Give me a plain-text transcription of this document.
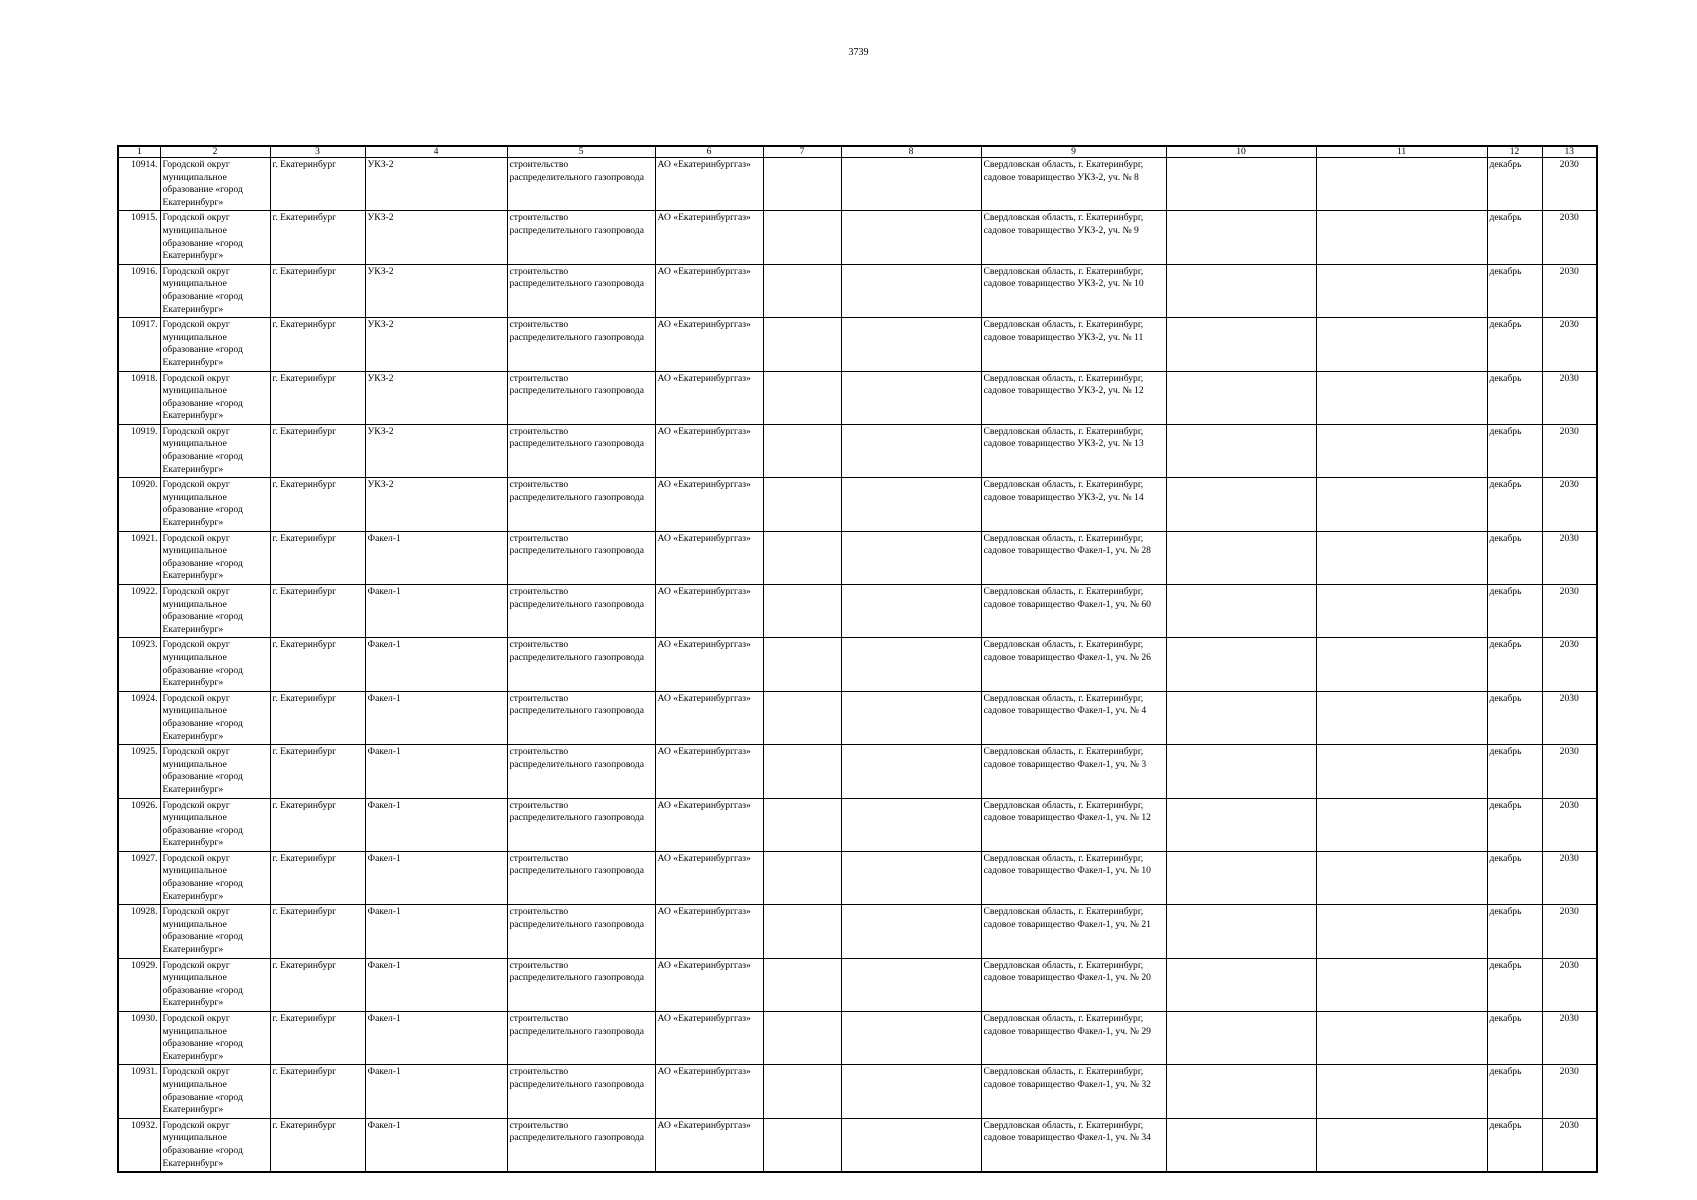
3739
1	2	3	4	5	6	7	8	9	10	11	12	13
10914.	Городской округ муниципальное образование «город Екатеринбург»	г. Екатеринбург	УКЗ-2	строительство распределительного газопровода	АО «Екатеринбурггаз»			Свердловская область, г. Екатеринбург, садовое товарищество УКЗ-2, уч. № 8			декабрь	2030
10915.	Городской округ муниципальное образование «город Екатеринбург»	г. Екатеринбург	УКЗ-2	строительство распределительного газопровода	АО «Екатеринбурггаз»			Свердловская область, г. Екатеринбург, садовое товарищество УКЗ-2, уч. № 9			декабрь	2030
10916.	Городской округ муниципальное образование «город Екатеринбург»	г. Екатеринбург	УКЗ-2	строительство распределительного газопровода	АО «Екатеринбурггаз»			Свердловская область, г. Екатеринбург, садовое товарищество УКЗ-2, уч. № 10			декабрь	2030
10917.	Городской округ муниципальное образование «город Екатеринбург»	г. Екатеринбург	УКЗ-2	строительство распределительного газопровода	АО «Екатеринбурггаз»			Свердловская область, г. Екатеринбург, садовое товарищество УКЗ-2, уч. № 11			декабрь	2030
10918.	Городской округ муниципальное образование «город Екатеринбург»	г. Екатеринбург	УКЗ-2	строительство распределительного газопровода	АО «Екатеринбурггаз»			Свердловская область, г. Екатеринбург, садовое товарищество УКЗ-2, уч. № 12			декабрь	2030
10919.	Городской округ муниципальное образование «город Екатеринбург»	г. Екатеринбург	УКЗ-2	строительство распределительного газопровода	АО «Екатеринбурггаз»			Свердловская область, г. Екатеринбург, садовое товарищество УКЗ-2, уч. № 13			декабрь	2030
10920.	Городской округ муниципальное образование «город Екатеринбург»	г. Екатеринбург	УКЗ-2	строительство распределительного газопровода	АО «Екатеринбурггаз»			Свердловская область, г. Екатеринбург, садовое товарищество УКЗ-2, уч. № 14			декабрь	2030
10921.	Городской округ муниципальное образование «город Екатеринбург»	г. Екатеринбург	Факел-1	строительство распределительного газопровода	АО «Екатеринбурггаз»			Свердловская область, г. Екатеринбург, садовое товарищество Факел-1, уч. № 28			декабрь	2030
10922.	Городской округ муниципальное образование «город Екатеринбург»	г. Екатеринбург	Факел-1	строительство распределительного газопровода	АО «Екатеринбурггаз»			Свердловская область, г. Екатеринбург, садовое товарищество Факел-1, уч. № 60			декабрь	2030
10923.	Городской округ муниципальное образование «город Екатеринбург»	г. Екатеринбург	Факел-1	строительство распределительного газопровода	АО «Екатеринбурггаз»			Свердловская область, г. Екатеринбург, садовое товарищество Факел-1, уч. № 26			декабрь	2030
10924.	Городской округ муниципальное образование «город Екатеринбург»	г. Екатеринбург	Факел-1	строительство распределительного газопровода	АО «Екатеринбурггаз»			Свердловская область, г. Екатеринбург, садовое товарищество Факел-1, уч. № 4			декабрь	2030
10925.	Городской округ муниципальное образование «город Екатеринбург»	г. Екатеринбург	Факел-1	строительство распределительного газопровода	АО «Екатеринбурггаз»			Свердловская область, г. Екатеринбург, садовое товарищество Факел-1, уч. № 3			декабрь	2030
10926.	Городской округ муниципальное образование «город Екатеринбург»	г. Екатеринбург	Факел-1	строительство распределительного газопровода	АО «Екатеринбурггаз»			Свердловская область, г. Екатеринбург, садовое товарищество Факел-1, уч. № 12			декабрь	2030
10927.	Городской округ муниципальное образование «город Екатеринбург»	г. Екатеринбург	Факел-1	строительство распределительного газопровода	АО «Екатеринбурггаз»			Свердловская область, г. Екатеринбург, садовое товарищество Факел-1, уч. № 10			декабрь	2030
10928.	Городской округ муниципальное образование «город Екатеринбург»	г. Екатеринбург	Факел-1	строительство распределительного газопровода	АО «Екатеринбурггаз»			Свердловская область, г. Екатеринбург, садовое товарищество Факел-1, уч. № 21			декабрь	2030
10929.	Городской округ муниципальное образование «город Екатеринбург»	г. Екатеринбург	Факел-1	строительство распределительного газопровода	АО «Екатеринбурггаз»			Свердловская область, г. Екатеринбург, садовое товарищество Факел-1, уч. № 20			декабрь	2030
10930.	Городской округ муниципальное образование «город Екатеринбург»	г. Екатеринбург	Факел-1	строительство распределительного газопровода	АО «Екатеринбурггаз»			Свердловская область, г. Екатеринбург, садовое товарищество Факел-1, уч. № 29			декабрь	2030
10931.	Городской округ муниципальное образование «город Екатеринбург»	г. Екатеринбург	Факел-1	строительство распределительного газопровода	АО «Екатеринбурггаз»			Свердловская область, г. Екатеринбург, садовое товарищество Факел-1, уч. № 32			декабрь	2030
10932.	Городской округ муниципальное образование «город Екатеринбург»	г. Екатеринбург	Факел-1	строительство распределительного газопровода	АО «Екатеринбурггаз»			Свердловская область, г. Екатеринбург, садовое товарищество Факел-1, уч. № 34			декабрь	2030
